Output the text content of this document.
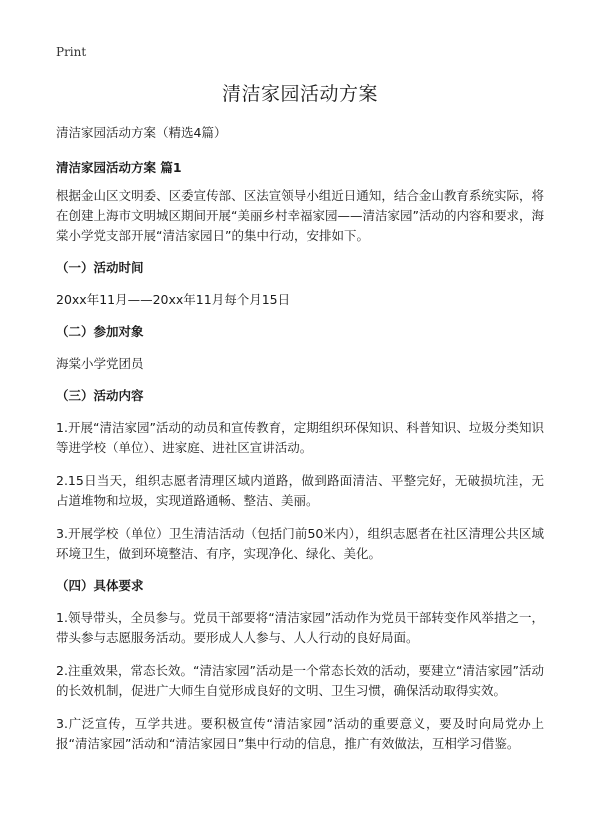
Print
清洁家园活动方案
清洁家园活动方案（精选4篇）
清洁家园活动方案 篇1

根据金山区文明委、区委宣传部、区法宣领导小组近日通知，结合金山教育系统实际，将在创建上海市文明城区期间开展“美丽乡村幸福家园——清洁家园”活动的内容和要求，海棠小学党支部开展“清洁家园日”的集中行动，安排如下。

（一）活动时间

20xx年11月——20xx年11月每个月15日

（二）参加对象

海棠小学党团员

（三）活动内容

1.开展“清洁家园”活动的动员和宣传教育，定期组织环保知识、科普知识、垃圾分类知识等进学校（单位）、进家庭、进社区宣讲活动。

2.15日当天，组织志愿者清理区域内道路，做到路面清洁、平整完好，无破损坑洼，无占道堆物和垃圾，实现道路通畅、整洁、美丽。

3.开展学校（单位）卫生清洁活动（包括门前50米内），组织志愿者在社区清理公共区域环境卫生，做到环境整洁、有序，实现净化、绿化、美化。

（四）具体要求

1.领导带头，全员参与。党员干部要将“清洁家园”活动作为党员干部转变作风举措之一，带头参与志愿服务活动。要形成人人参与、人人行动的良好局面。

2.注重效果，常态长效。“清洁家园”活动是一个常态长效的活动，要建立“清洁家园”活动的长效机制，促进广大师生自觉形成良好的文明、卫生习惯，确保活动取得实效。

3.广泛宣传，互学共进。要积极宣传“清洁家园”活动的重要意义，要及时向局党办上报“清洁家园”活动和“清洁家园日”集中行动的信息，推广有效做法，互相学习借鉴。
